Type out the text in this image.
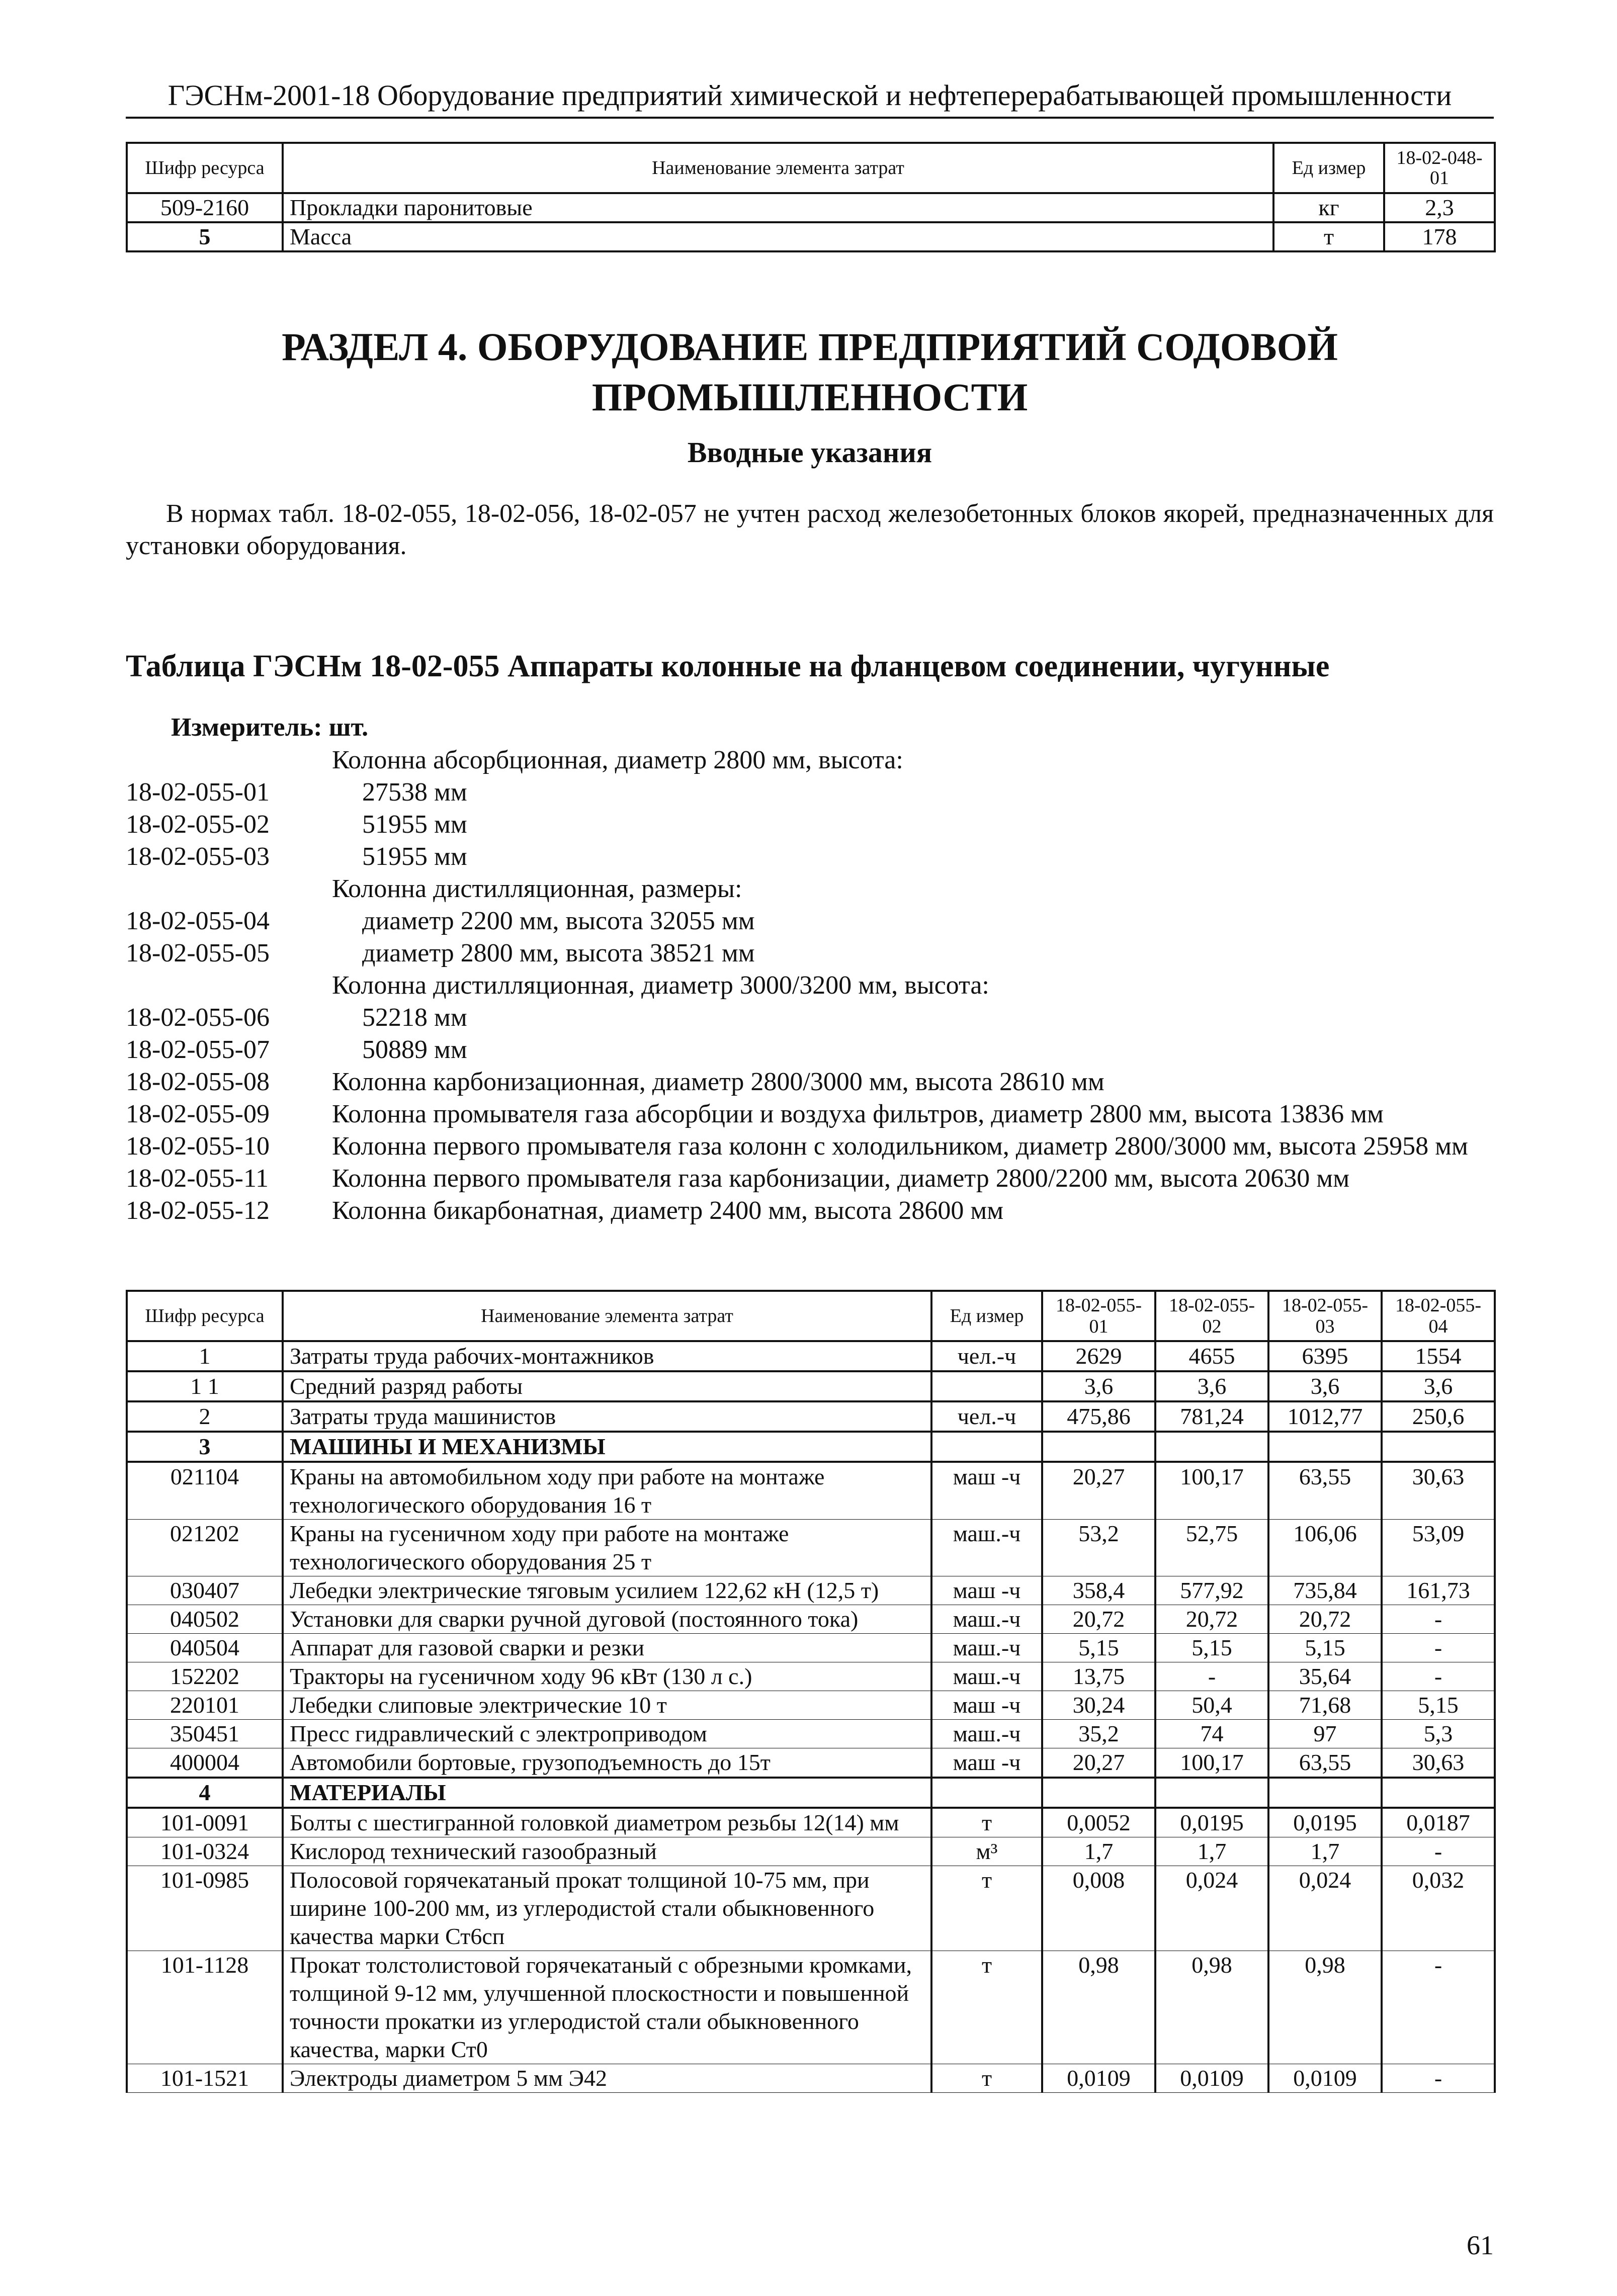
ГЭСНм-2001-18 Оборудование предприятий химической и нефтеперерабатывающей промышленности
Шифр ресурса	Наименование элемента затрат	Ед измер	18-02-048-01
509-2160	Прокладки паронитовые	кг	2,3
5	Масса	т	178
РАЗДЕЛ 4. ОБОРУДОВАНИЕ ПРЕДПРИЯТИЙ СОДОВОЙ
ПРОМЫШЛЕННОСТИ
Вводные указания
В нормах табл. 18-02-055, 18-02-056, 18-02-057 не учтен расход железобетонных блоков якорей, предназначенных для установки оборудования.
Таблица ГЭСНм 18-02-055 Аппараты колонные на фланцевом соединении, чугунные
Измеритель: шт.
Колонна абсорбционная, диаметр 2800 мм, высота:
18-02-055-01	27538 мм
18-02-055-02	51955 мм
18-02-055-03	51955 мм
Колонна дистилляционная, размеры:
18-02-055-04	диаметр 2200 мм, высота 32055 мм
18-02-055-05	диаметр 2800 мм, высота 38521 мм
Колонна дистилляционная, диаметр 3000/3200 мм, высота:
18-02-055-06	52218 мм
18-02-055-07	50889 мм
18-02-055-08	Колонна карбонизационная, диаметр 2800/3000 мм, высота 28610 мм
18-02-055-09	Колонна промывателя газа абсорбции и воздуха фильтров, диаметр 2800 мм, высота 13836 мм
18-02-055-10	Колонна первого промывателя газа колонн с холодильником, диаметр 2800/3000 мм, высота 25958 мм
18-02-055-11	Колонна первого промывателя газа карбонизации, диаметр 2800/2200 мм, высота 20630 мм
18-02-055-12	Колонна бикарбонатная, диаметр 2400 мм, высота 28600 мм
Шифр ресурса	Наименование элемента затрат	Ед измер	18-02-055-01	18-02-055-02	18-02-055-03	18-02-055-04
1	Затраты труда рабочих-монтажников	чел.-ч	2629	4655	6395	1554
1 1	Средний разряд работы		3,6	3,6	3,6	3,6
2	Затраты труда машинистов	чел.-ч	475,86	781,24	1012,77	250,6
3	МАШИНЫ И МЕХАНИЗМЫ					
021104	Краны на автомобильном ходу при работе на монтаже технологического оборудования 16 т	маш -ч	20,27	100,17	63,55	30,63
021202	Краны на гусеничном ходу при работе на монтаже технологического оборудования 25 т	маш.-ч	53,2	52,75	106,06	53,09
030407	Лебедки электрические тяговым усилием 122,62 кН (12,5 т)	маш -ч	358,4	577,92	735,84	161,73
040502	Установки для сварки ручной дуговой (постоянного тока)	маш.-ч	20,72	20,72	20,72	-
040504	Аппарат для газовой сварки и резки	маш.-ч	5,15	5,15	5,15	-
152202	Тракторы на гусеничном ходу 96 кВт (130 л с.)	маш.-ч	13,75	-	35,64	-
220101	Лебедки слиповые электрические 10 т	маш -ч	30,24	50,4	71,68	5,15
350451	Пресс гидравлический с электроприводом	маш.-ч	35,2	74	97	5,3
400004	Автомобили бортовые, грузоподъемность до 15т	маш -ч	20,27	100,17	63,55	30,63
4	МАТЕРИАЛЫ					
101-0091	Болты с шестигранной головкой диаметром резьбы 12(14) мм	т	0,0052	0,0195	0,0195	0,0187
101-0324	Кислород технический газообразный	м³	1,7	1,7	1,7	-
101-0985	Полосовой горячекатаный прокат толщиной 10-75 мм, при ширине 100-200 мм, из углеродистой стали обыкновенного качества марки Ст6сп	т	0,008	0,024	0,024	0,032
101-1128	Прокат толстолистовой горячекатаный с обрезными кромками, толщиной 9-12 мм, улучшенной плоскостности и повышенной точности прокатки из углеродистой стали обыкновенного качества, марки Ст0	т	0,98	0,98	0,98	-
101-1521	Электроды диаметром 5 мм Э42	т	0,0109	0,0109	0,0109	-
61
